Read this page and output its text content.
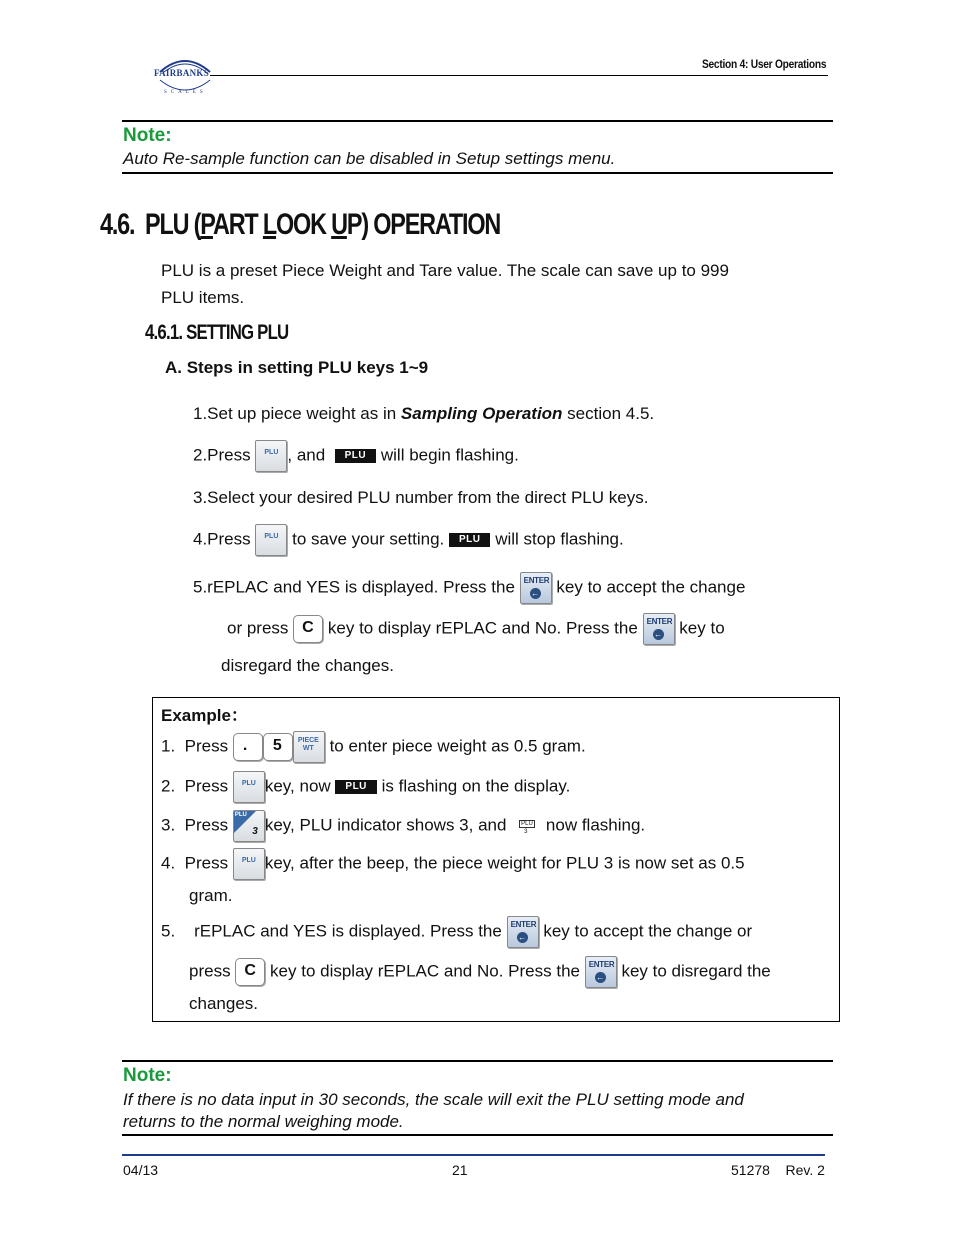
FAIRBANKS
SCALES
Section 4: User Operations
Note:
Auto Re-sample function can be disabled in Setup settings menu.
4.6. PLU (PART LOOK UP) OPERATION
PLU is a preset Piece Weight and Tare value. The scale can save up to 999
PLU items.
4.6.1. SETTING PLU
A. Steps in setting PLU keys 1~9
1.Set up piece weight as in Sampling Operation section 4.5.
2.Press PLU , and PLU will begin flashing.
3.Select your desired PLU number from the direct PLU keys.
4.Press PLU to save your setting. PLU will stop flashing.
5.rEPLAC and YES is displayed. Press the ENTER
← key to accept the change
or press C key to display rEPLAC and No. Press the ENTER
← key to
disregard the changes.
Example：
1. Press . 5 PIECE
WT to enter piece weight as 0.5 gram.
2. Press PLU key, now PLU is flashing on the display.
3. Press
PLU
3 key, PLU indicator shows 3, and	PLU
3 now flashing.
4. Press PLU key, after the beep, the piece weight for PLU 3 is now set as 0.5
gram.
5. rEPLAC and YES is displayed. Press the ENTER
← key to accept the change or
press C key to display rEPLAC and No. Press the ENTER
← key to disregard the
changes.
Note:
If there is no data input in 30 seconds, the scale will exit the PLU setting mode and
returns to the normal weighing mode.
04/13	21	51278    Rev. 2
